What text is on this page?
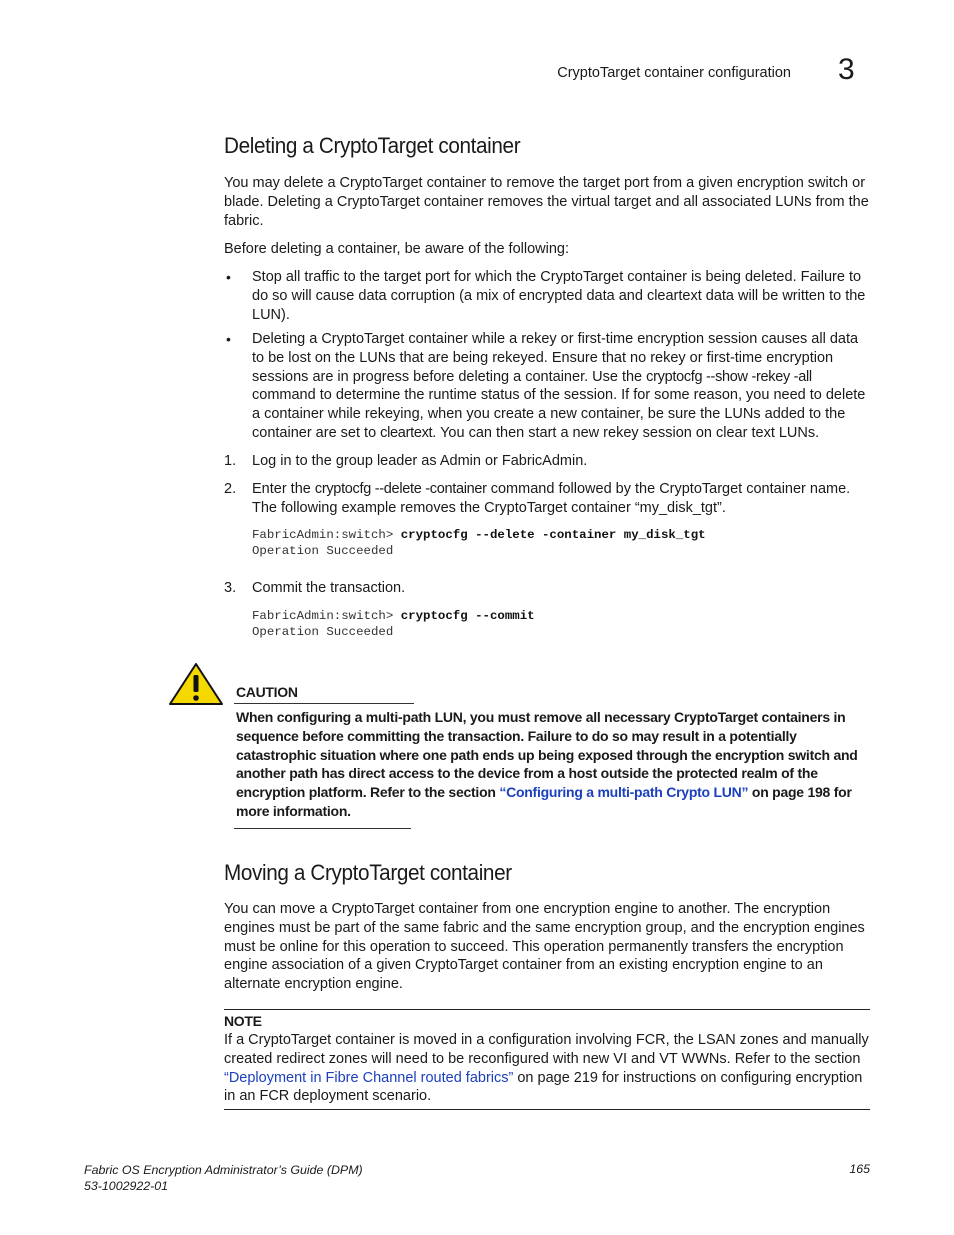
CryptoTarget container configuration 3
Deleting a CryptoTarget container
You may delete a CryptoTarget container to remove the target port from a given encryption switch or blade. Deleting a CryptoTarget container removes the virtual target and all associated LUNs from the fabric.
Before deleting a container, be aware of the following:
• Stop all traffic to the target port for which the CryptoTarget container is being deleted. Failure to do so will cause data corruption (a mix of encrypted data and cleartext data will be written to the LUN).
• Deleting a CryptoTarget container while a rekey or first-time encryption session causes all data to be lost on the LUNs that are being rekeyed. Ensure that no rekey or first-time encryption sessions are in progress before deleting a container. Use the cryptocfg --show -rekey -all command to determine the runtime status of the session. If for some reason, you need to delete a container while rekeying, when you create a new container, be sure the LUNs added to the container are set to cleartext. You can then start a new rekey session on clear text LUNs.
1. Log in to the group leader as Admin or FabricAdmin.
2. Enter the cryptocfg --delete -container command followed by the CryptoTarget container name. The following example removes the CryptoTarget container “my_disk_tgt”.
FabricAdmin:switch> cryptocfg --delete -container my_disk_tgt
Operation Succeeded
3. Commit the transaction.
FabricAdmin:switch> cryptocfg --commit
Operation Succeeded
CAUTION
When configuring a multi-path LUN, you must remove all necessary CryptoTarget containers in sequence before committing the transaction. Failure to do so may result in a potentially catastrophic situation where one path ends up being exposed through the encryption switch and another path has direct access to the device from a host outside the protected realm of the encryption platform. Refer to the section “Configuring a multi-path Crypto LUN” on page 198 for more information.
Moving a CryptoTarget container
You can move a CryptoTarget container from one encryption engine to another. The encryption engines must be part of the same fabric and the same encryption group, and the encryption engines must be online for this operation to succeed. This operation permanently transfers the encryption engine association of a given CryptoTarget container from an existing encryption engine to an alternate encryption engine.
NOTE
If a CryptoTarget container is moved in a configuration involving FCR, the LSAN zones and manually created redirect zones will need to be reconfigured with new VI and VT WWNs. Refer to the section “Deployment in Fibre Channel routed fabrics” on page 219 for instructions on configuring encryption in an FCR deployment scenario.
Fabric OS Encryption Administrator’s Guide (DPM)
53-1002922-01
165
